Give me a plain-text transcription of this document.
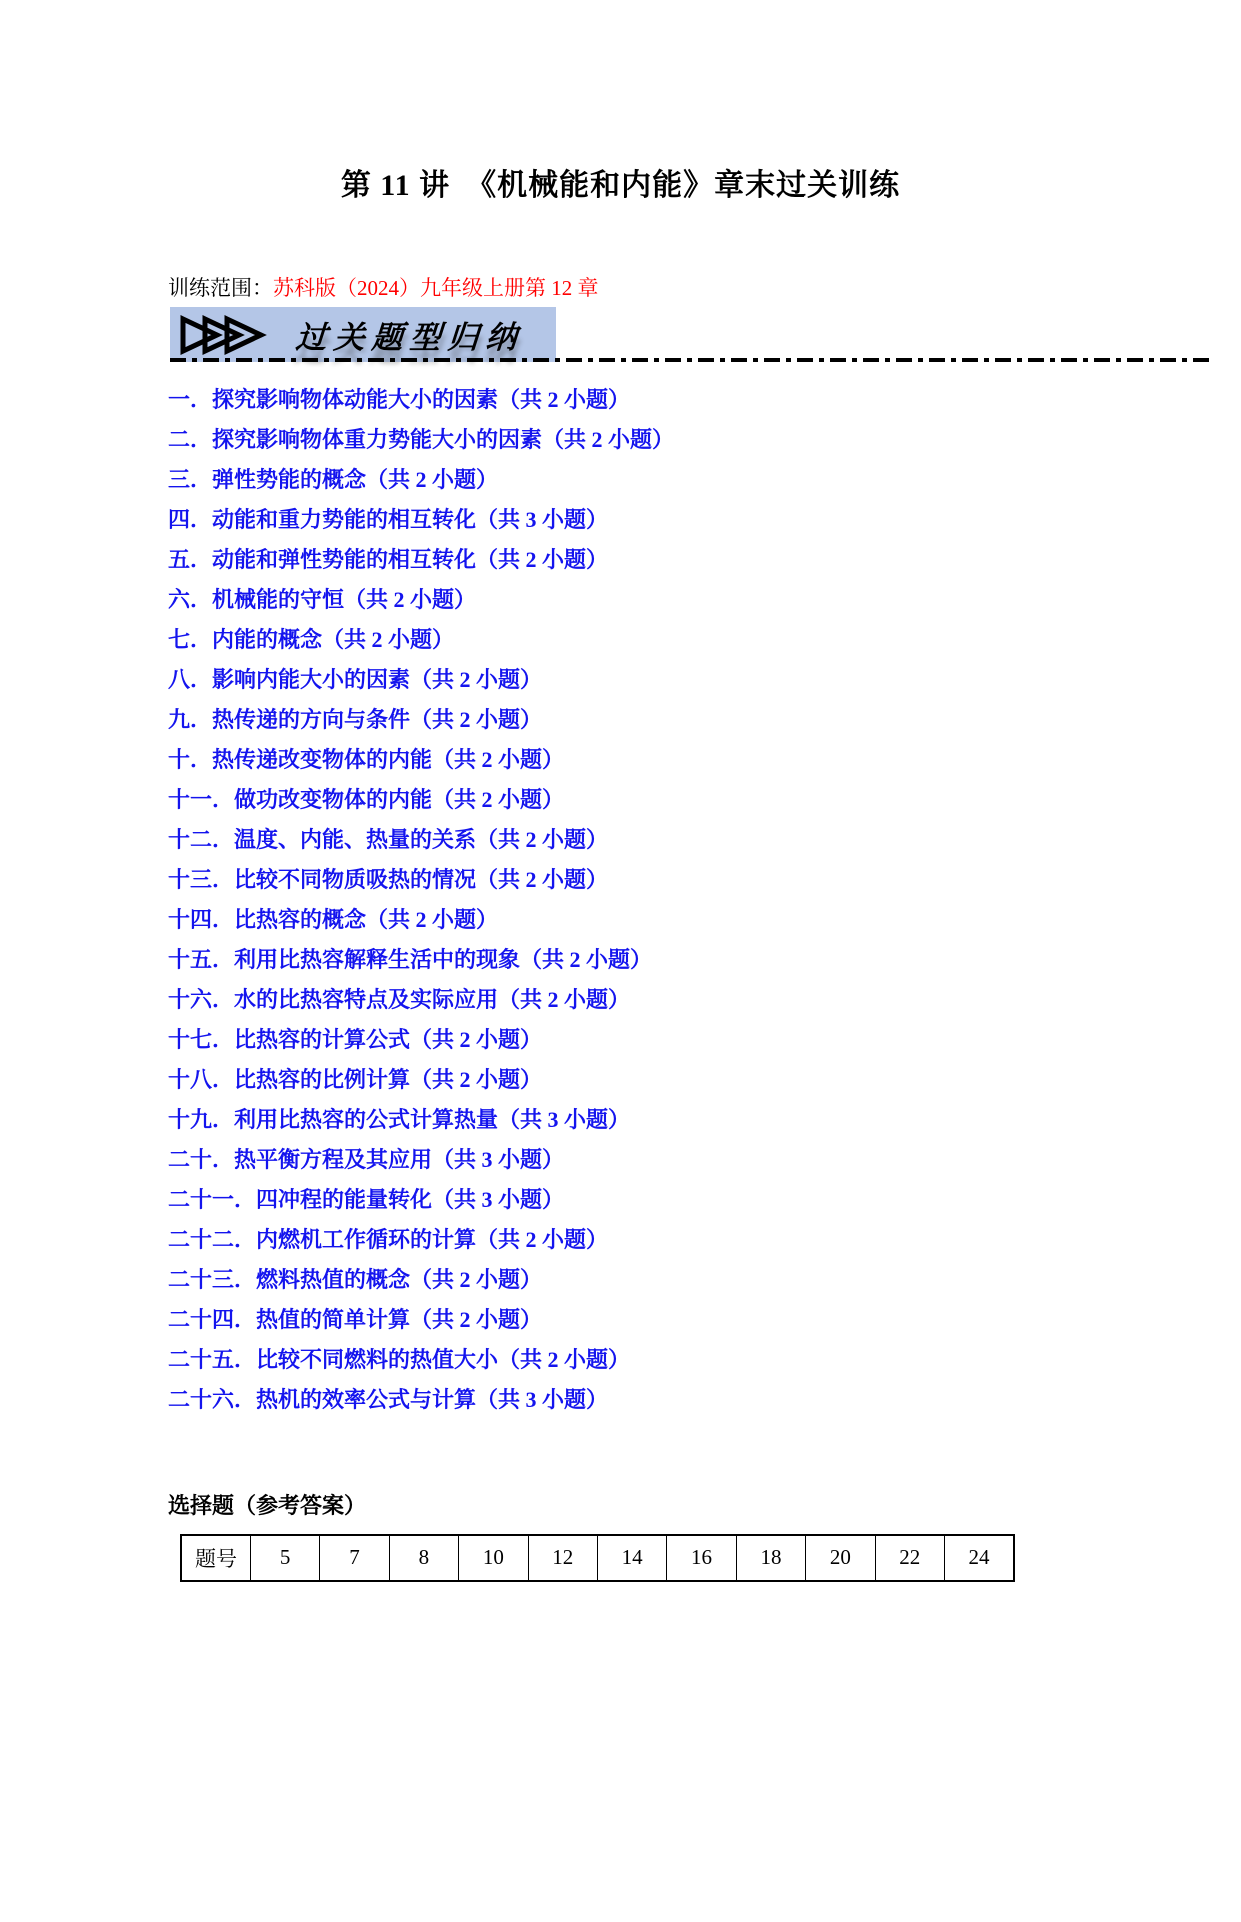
第 11 讲　《机械能和内能》章末过关训练

训练范围：苏科版（2024）九年级上册第 12 章

过关题型归纳
一．探究影响物体动能大小的因素（共 2 小题）
二．探究影响物体重力势能大小的因素（共 2 小题）
三．弹性势能的概念（共 2 小题）
四．动能和重力势能的相互转化（共 3 小题）
五．动能和弹性势能的相互转化（共 2 小题）
六．机械能的守恒（共 2 小题）
七．内能的概念（共 2 小题）
八．影响内能大小的因素（共 2 小题）
九．热传递的方向与条件（共 2 小题）
十．热传递改变物体的内能（共 2 小题）
十一．做功改变物体的内能（共 2 小题）
十二．温度、内能、热量的关系（共 2 小题）
十三．比较不同物质吸热的情况（共 2 小题）
十四．比热容的概念（共 2 小题）
十五．利用比热容解释生活中的现象（共 2 小题）
十六．水的比热容特点及实际应用（共 2 小题）
十七．比热容的计算公式（共 2 小题）
十八．比热容的比例计算（共 2 小题）
十九．利用比热容的公式计算热量（共 3 小题）
二十．热平衡方程及其应用（共 3 小题）
二十一．四冲程的能量转化（共 3 小题）
二十二．内燃机工作循环的计算（共 2 小题）
二十三．燃料热值的概念（共 2 小题）
二十四．热值的简单计算（共 2 小题）
二十五．比较不同燃料的热值大小（共 2 小题）
二十六．热机的效率公式与计算（共 3 小题）
选择题（参考答案）
题号	5	7	8	10	12	14	16	18	20	22	24
